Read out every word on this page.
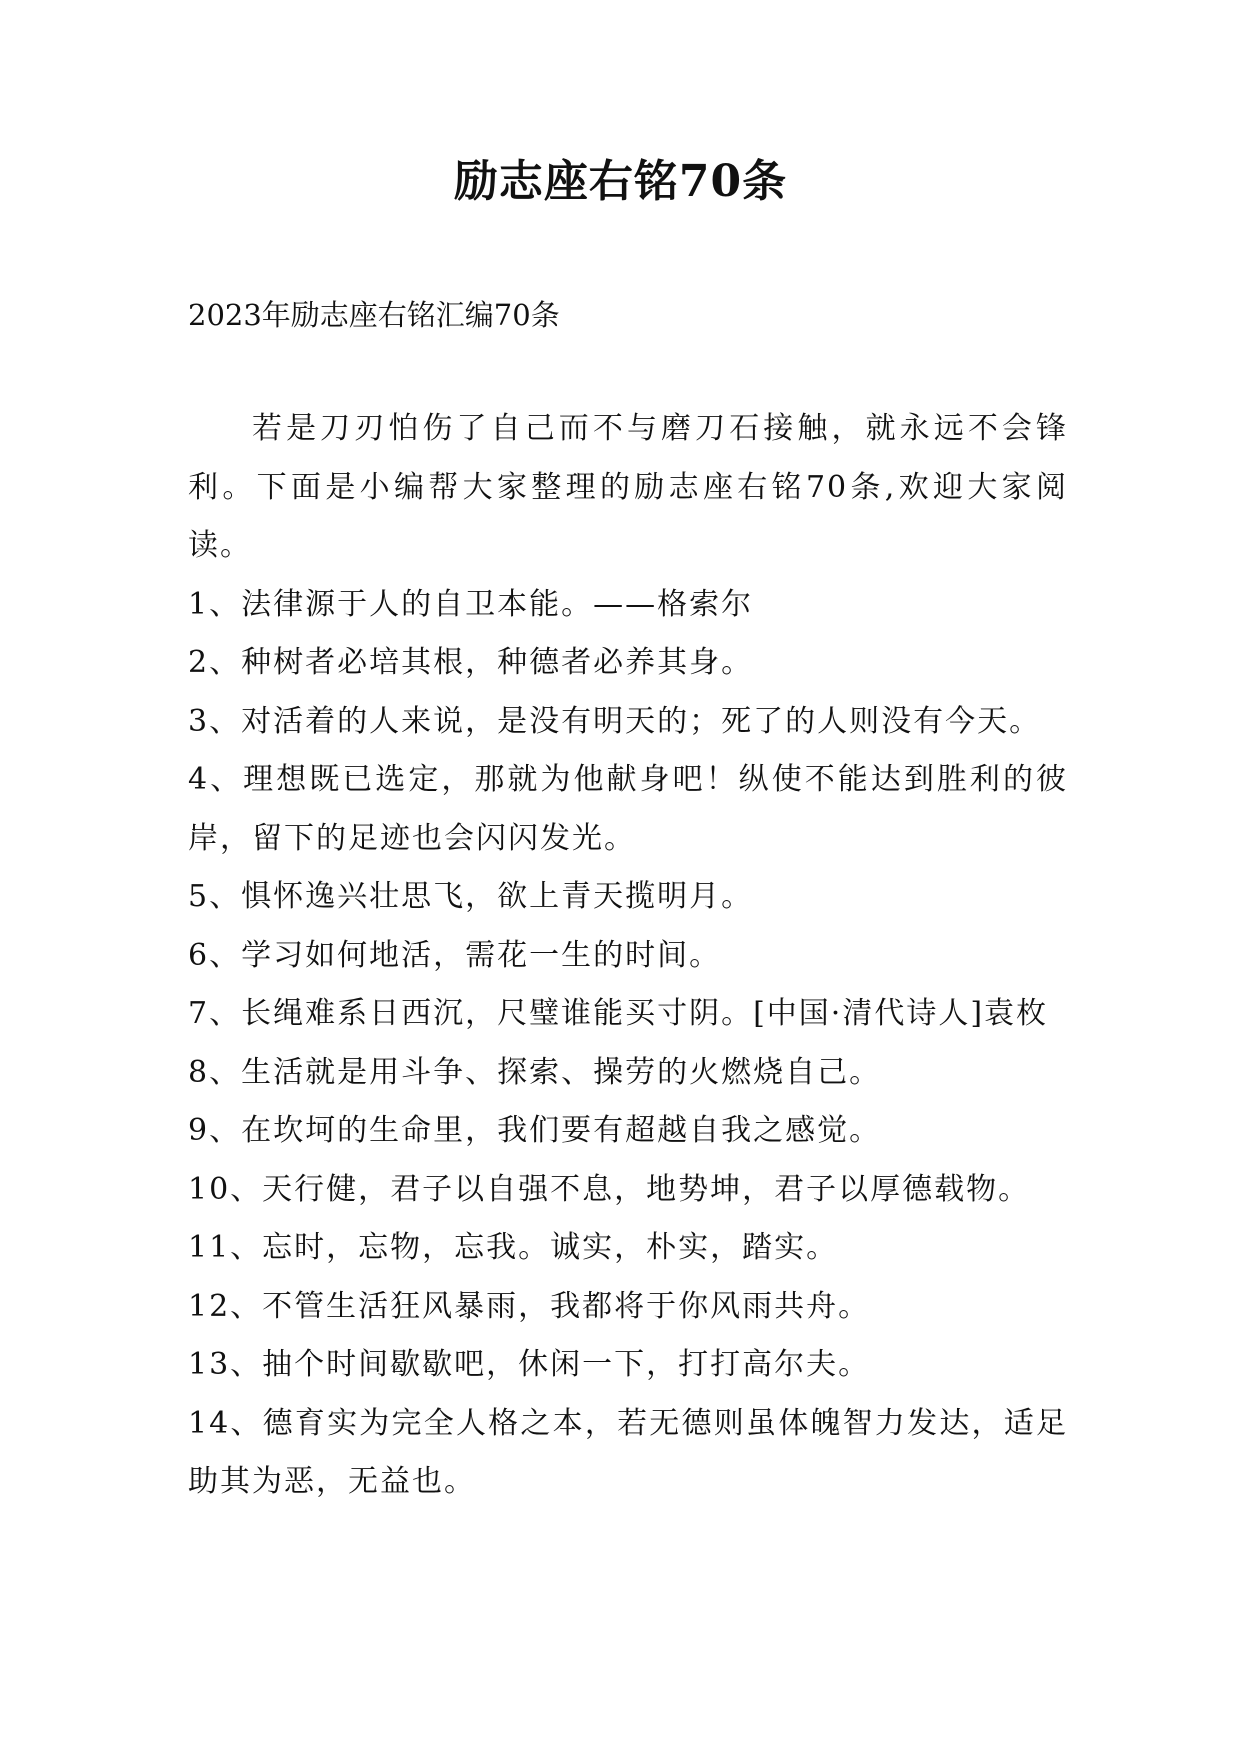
励志座右铭70条
2023年励志座右铭汇编70条

若是刀刃怕伤了自己而不与磨刀石接触，就永远不会锋利。下面是小编帮大家整理的励志座右铭70条,欢迎大家阅读。

1、法律源于人的自卫本能。——格索尔
2、种树者必培其根，种德者必养其身。
3、对活着的人来说，是没有明天的；死了的人则没有今天。
4、理想既已选定，那就为他献身吧！纵使不能达到胜利的彼岸，留下的足迹也会闪闪发光。
5、惧怀逸兴壮思飞，欲上青天揽明月。
6、学习如何地活，需花一生的时间。
7、长绳难系日西沉，尺璧谁能买寸阴。[中国·清代诗人]袁枚
8、生活就是用斗争、探索、操劳的火燃烧自己。
9、在坎坷的生命里，我们要有超越自我之感觉。
10、天行健，君子以自强不息，地势坤，君子以厚德载物。
11、忘时，忘物，忘我。诚实，朴实，踏实。
12、不管生活狂风暴雨，我都将于你风雨共舟。
13、抽个时间歇歇吧，休闲一下，打打高尔夫。
14、德育实为完全人格之本，若无德则虽体魄智力发达，适足助其为恶，无益也。
